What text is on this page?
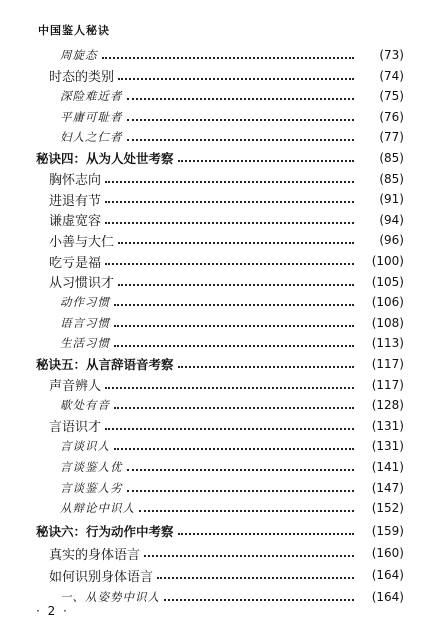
中国鉴人秘诀
周旋态	(73)
时态的类别	(74)
深险难近者	(75)
平庸可耻者	(76)
妇人之仁者	(77)
秘诀四：从为人处世考察	(85)
胸怀志向	(85)
进退有节	(91)
谦虚宽容	(94)
小善与大仁	(96)
吃亏是福	(100)
从习惯识才	(105)
动作习惯	(106)
语言习惯	(108)
生活习惯	(113)
秘诀五：从言辞语音考察	(117)
声音辨人	(117)
歇处有音	(128)
言语识才	(131)
言谈识人	(131)
言谈鉴人优	(141)
言谈鉴人劣	(147)
从辩论中识人	(152)
秘诀六：行为动作中考察	(159)
真实的身体语言	(160)
如何识别身体语言	(164)
一、从姿势中识人	(164)
· 2 ·
